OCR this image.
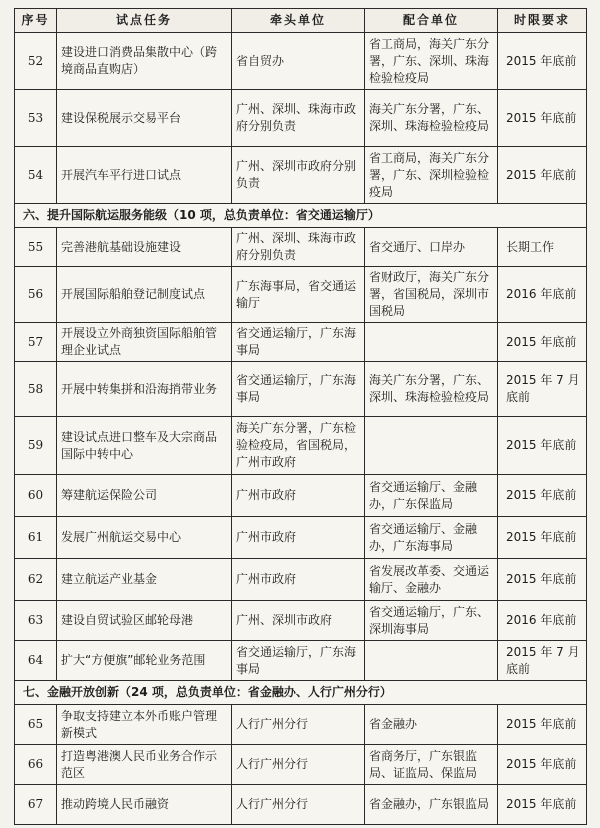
序号	试点任务	牵头单位	配合单位	时限要求
52	建设进口消费品集散中心（跨境商品直购店）	省自贸办	省工商局，海关广东分署，广东、深圳、珠海检验检疫局	2015 年底前
53	建设保税展示交易平台	广州、深圳、珠海市政府分别负责	海关广东分署，广东、深圳、珠海检验检疫局	2015 年底前
54	开展汽车平行进口试点	广州、深圳市政府分别负责	省工商局，海关广东分署，广东、深圳检验检疫局	2015 年底前
六、提升国际航运服务能级（10 项，总负责单位：省交通运输厅）				
55	完善港航基础设施建设	广州、深圳、珠海市政府分别负责	省交通厅、口岸办	长期工作
56	开展国际船舶登记制度试点	广东海事局，省交通运输厅	省财政厅，海关广东分署，省国税局，深圳市国税局	2016 年底前
57	开展设立外商独资国际船舶管理企业试点	省交通运输厅，广东海事局		2015 年底前
58	开展中转集拼和沿海捎带业务	省交通运输厅，广东海事局	海关广东分署，广东、深圳、珠海检验检疫局	2015 年 7 月底前
59	建设试点进口整车及大宗商品国际中转中心	海关广东分署，广东检验检疫局，省国税局，广州市政府		2015 年底前
60	筹建航运保险公司	广州市政府	省交通运输厅、金融办，广东保监局	2015 年底前
61	发展广州航运交易中心	广州市政府	省交通运输厅、金融办，广东海事局	2015 年底前
62	建立航运产业基金	广州市政府	省发展改革委、交通运输厅、金融办	2015 年底前
63	建设自贸试验区邮轮母港	广州、深圳市政府	省交通运输厅，广东、深圳海事局	2016 年底前
64	扩大“方便旗”邮轮业务范围	省交通运输厅，广东海事局		2015 年 7 月底前
七、金融开放创新（24 项，总负责单位：省金融办、人行广州分行）				
65	争取支持建立本外币账户管理新模式	人行广州分行	省金融办	2015 年底前
66	打造粤港澳人民币业务合作示范区	人行广州分行	省商务厅，广东银监局、证监局、保监局	2015 年底前
67	推动跨境人民币融资	人行广州分行	省金融办，广东银监局	2015 年底前
